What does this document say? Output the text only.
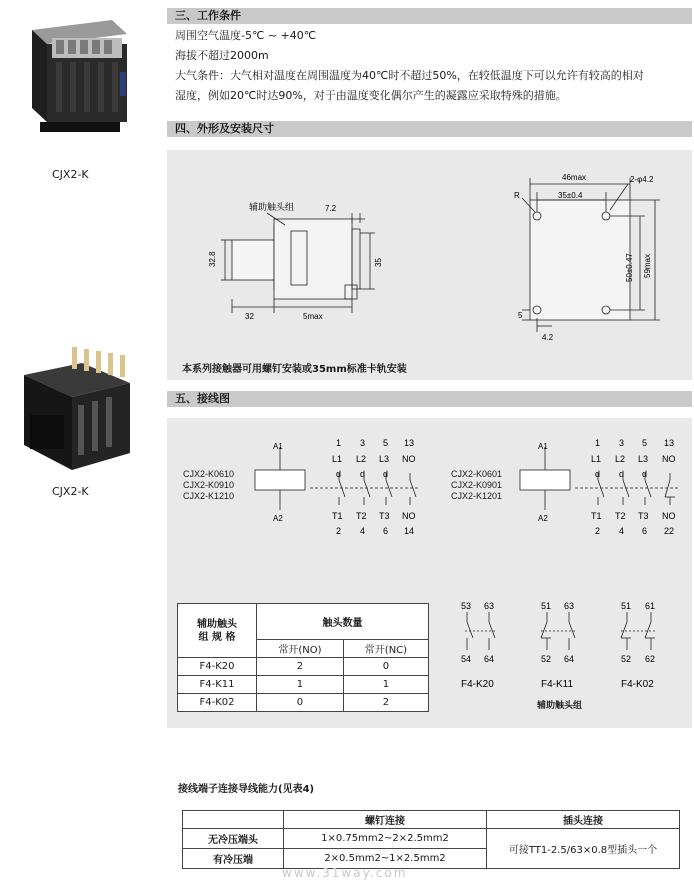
CJX2-K
CJX2-K
三、工作条件
周围空气温度-5℃ ~ +40℃
海拔不超过2000m
大气条件：大气相对温度在周围温度为40℃时不超过50%，在较低温度下可以允许有较高的相对
湿度，例如20℃时达90%，对于由温度变化偶尔产生的凝露应采取特殊的措施。
四、外形及安装尺寸
辅助触头组	7.2
32.8	35
32	5max
46max
35±0.4
2-φ4.2
R
50±0.47 59max
5
4.2
本系列接触器可用螺钉安装或35mm标准卡轨安装
五、接线图
CJX2-K0610
CJX2-K0910
CJX2-K1210
A1
A2
1 3 5 13
L1 L2 L3 NO
d d d
T1 T2 T3 NO
2 4 6 14
CJX2-K0601
CJX2-K0901
CJX2-K1201
A1
A2
1 3 5 13
L1 L2 L3 NO
d d d
T1 T2 T3 NO
2 4 6 22
辅助触头
组 规 格	触头数量	
	常开(NO)	常开(NC)
F4-K20	2	0
F4-K11	1	1
F4-K02	0	2
53 63
54 64
F4-K20
51 63
52 64
F4-K11
51 61
52 62
F4-K02
辅助触头组
接线端子连接导线能力(见表4)
	螺钉连接	插头连接
无冷压端头	1×0.75mm2~2×2.5mm2	可接TT1-2.5/63×0.8型插头一个
有冷压端	2×0.5mm2~1×2.5mm2	
www.31way.com
